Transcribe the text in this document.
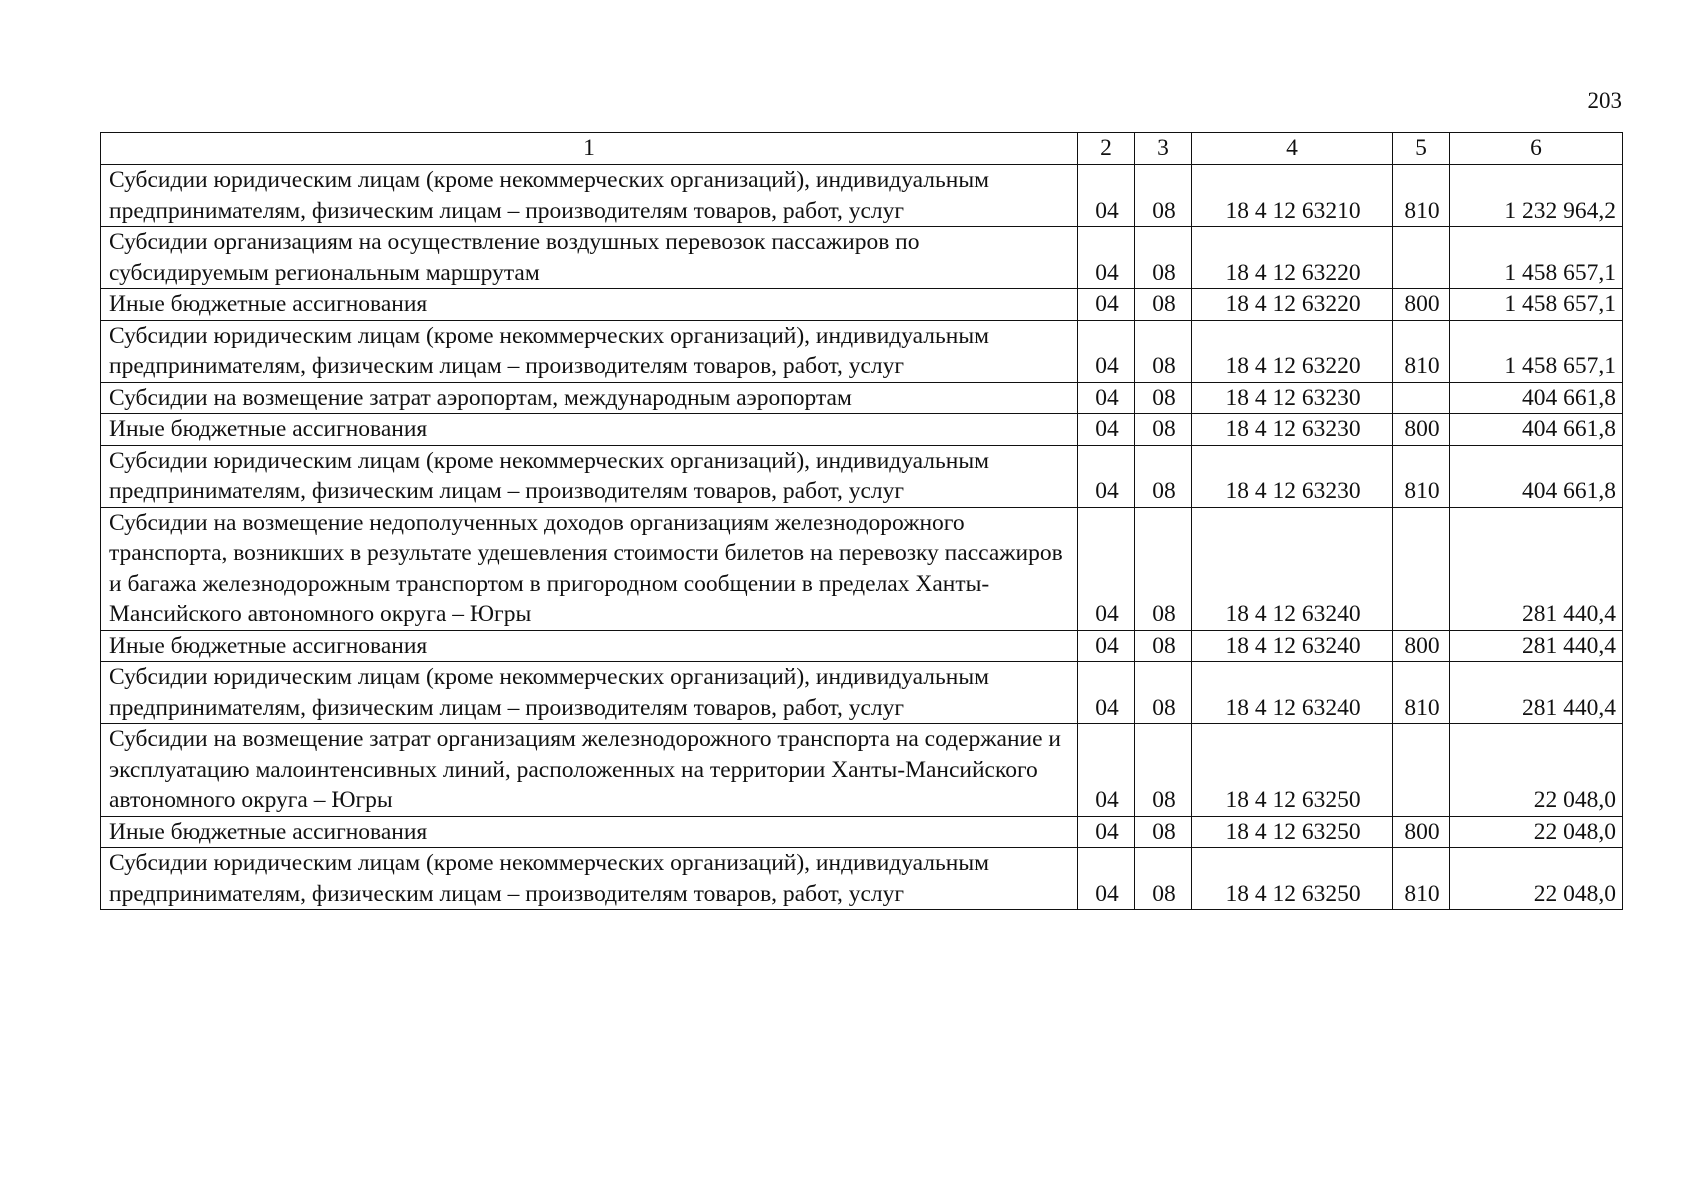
203
1	2	3	4	5	6
Субсидии юридическим лицам (кроме некоммерческих организаций), индивидуальным предпринимателям, физическим лицам – производителям товаров, работ, услуг	04	08	18 4 12 63210	810	1 232 964,2
Субсидии организациям на осуществление воздушных перевозок пассажиров по субсидируемым региональным маршрутам	04	08	18 4 12 63220		1 458 657,1
Иные бюджетные ассигнования	04	08	18 4 12 63220	800	1 458 657,1
Субсидии юридическим лицам (кроме некоммерческих организаций), индивидуальным предпринимателям, физическим лицам – производителям товаров, работ, услуг	04	08	18 4 12 63220	810	1 458 657,1
Субсидии на возмещение затрат аэропортам, международным аэропортам	04	08	18 4 12 63230		404 661,8
Иные бюджетные ассигнования	04	08	18 4 12 63230	800	404 661,8
Субсидии юридическим лицам (кроме некоммерческих организаций), индивидуальным предпринимателям, физическим лицам – производителям товаров, работ, услуг	04	08	18 4 12 63230	810	404 661,8
Субсидии на возмещение недополученных доходов организациям железнодорожного транспорта, возникших в результате удешевления стоимости билетов на перевозку пассажиров и багажа железнодорожным транспортом в пригородном сообщении в пределах Ханты-Мансийского автономного округа – Югры	04	08	18 4 12 63240		281 440,4
Иные бюджетные ассигнования	04	08	18 4 12 63240	800	281 440,4
Субсидии юридическим лицам (кроме некоммерческих организаций), индивидуальным предпринимателям, физическим лицам – производителям товаров, работ, услуг	04	08	18 4 12 63240	810	281 440,4
Субсидии на возмещение затрат организациям железнодорожного транспорта на содержание и эксплуатацию малоинтенсивных линий, расположенных на территории Ханты-Мансийского автономного округа – Югры	04	08	18 4 12 63250		22 048,0
Иные бюджетные ассигнования	04	08	18 4 12 63250	800	22 048,0
Субсидии юридическим лицам (кроме некоммерческих организаций), индивидуальным предпринимателям, физическим лицам – производителям товаров, работ, услуг	04	08	18 4 12 63250	810	22 048,0
